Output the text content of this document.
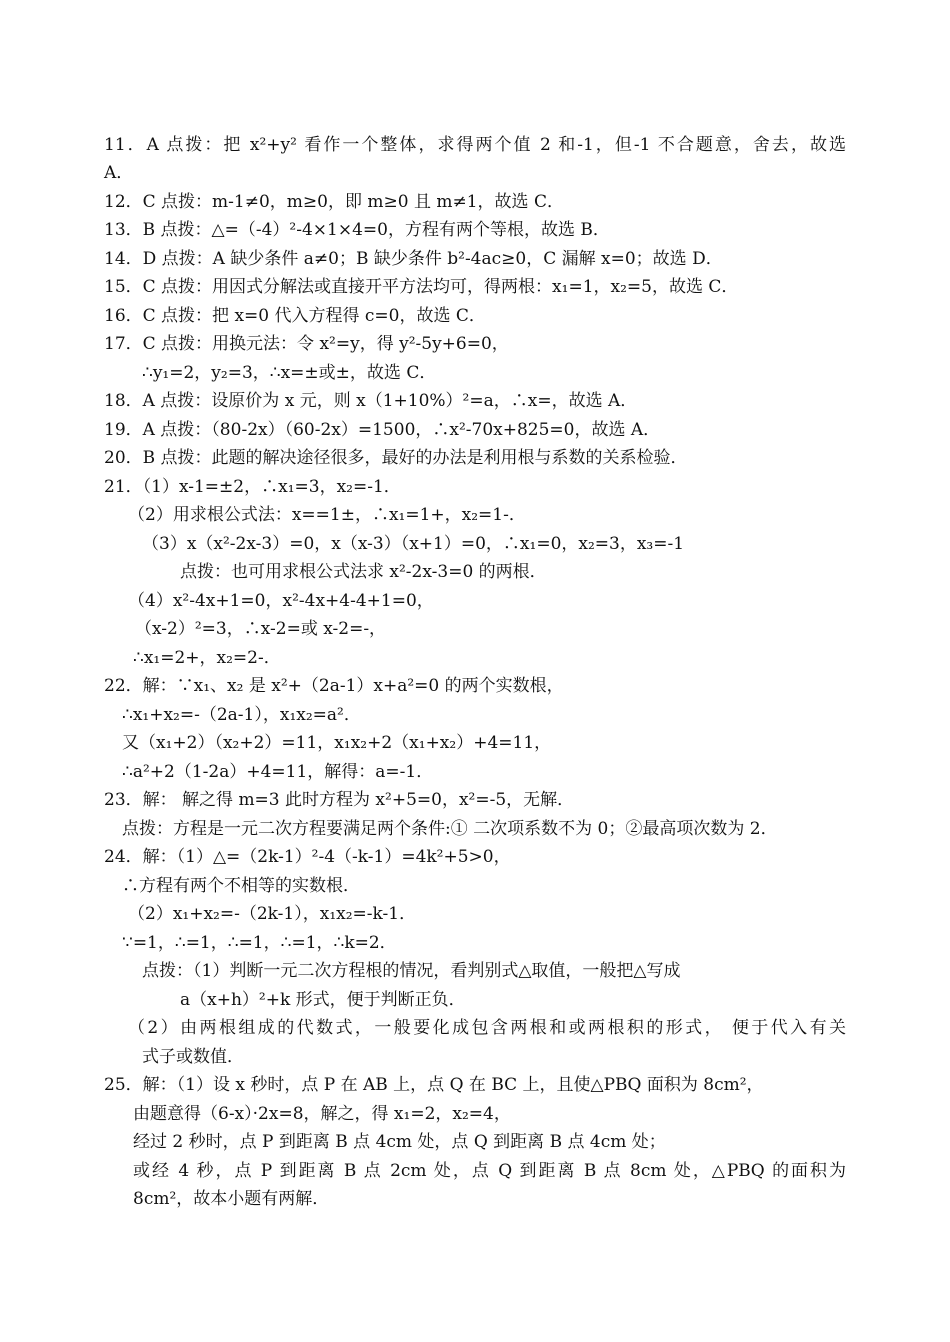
11．A 点拨：把 x²+y² 看作一个整体，求得两个值 2 和-1，但-1 不合题意，舍去，故选

A．

12．C 点拨：m-1≠0，m≥0，即 m≥0 且 m≠1，故选 C．

13．B 点拨：△=（-4）²-4×1×4=0，方程有两个等根，故选 B．

14．D 点拨：A 缺少条件 a≠0；B 缺少条件 b²-4ac≥0，C 漏解 x=0；故选 D．

15．C 点拨：用因式分解法或直接开平方法均可，得两根：x₁=1，x₂=5，故选 C．

16．C 点拨：把 x=0 代入方程得 c=0，故选 C．

17．C 点拨：用换元法：令 x²=y，得 y²-5y+6=0，

∴y₁=2，y₂=3，∴x=±或±，故选 C．

18．A 点拨：设原价为 x 元，则 x（1+10%）²=a，∴x=，故选 A．

19．A 点拨：（80-2x）（60-2x）=1500，∴x²-70x+825=0，故选 A．

20．B 点拨：此题的解决途径很多，最好的办法是利用根与系数的关系检验．

21．（1）x-1=±2，∴x₁=3，x₂=-1．

（2）用求根公式法：x==1±，∴x₁=1+，x₂=1-．

（3）x（x²-2x-3）=0，x（x-3）（x+1）=0，∴x₁=0，x₂=3，x₃=-1

点拨：也可用求根公式法求 x²-2x-3=0 的两根．

（4）x²-4x+1=0，x²-4x+4-4+1=0，

（x-2）²=3，∴x-2=或 x-2=-，

∴x₁=2+，x₂=2-．

22．解：∵x₁、x₂ 是 x²+（2a-1）x+a²=0 的两个实数根，

∴x₁+x₂=-（2a-1），x₁x₂=a²．

又（x₁+2）（x₂+2）=11，x₁x₂+2（x₁+x₂）+4=11，

∴a²+2（1-2a）+4=11，解得：a=-1．

23．解： 解之得 m=3 此时方程为 x²+5=0，x²=-5，无解．

点拨：方程是一元二次方程要满足两个条件:① 二次项系数不为 0；②最高项次数为 2．

24．解：（1）△=（2k-1）²-4（-k-1）=4k²+5>0，

∴方程有两个不相等的实数根．

（2）x₁+x₂=-（2k-1），x₁x₂=-k-1．

∵=1，∴=1，∴=1，∴=1，∴k=2．

点拨：（1）判断一元二次方程根的情况，看判别式△取值，一般把△写成

a（x+h）²+k 形式，便于判断正负．

（2）由两根组成的代数式，一般要化成包含两根和或两根积的形式， 便于代入有关

式子或数值．

25．解：（1）设 x 秒时，点 P 在 AB 上，点 Q 在 BC 上，且使△PBQ 面积为 8cm²，

由题意得（6-x）·2x=8，解之，得 x₁=2，x₂=4，

经过 2 秒时，点 P 到距离 B 点 4cm 处，点 Q 到距离 B 点 4cm 处；

或经 4 秒，点 P 到距离 B 点 2cm 处，点 Q 到距离 B 点 8cm 处，△PBQ 的面积为

8cm²，故本小题有两解．
